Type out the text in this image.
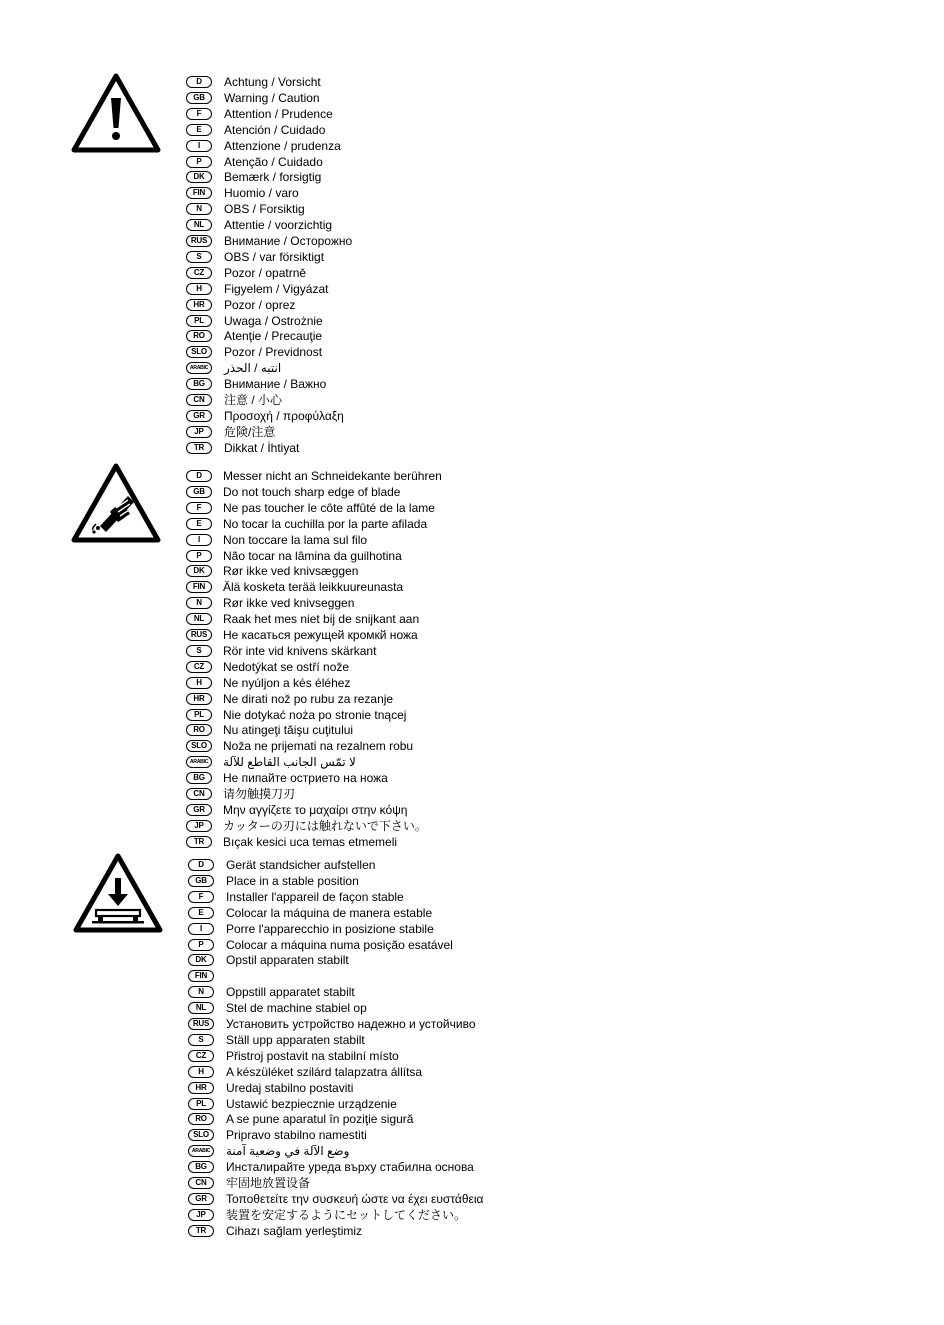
D	Achtung / Vorsicht
GB	Warning / Caution
F	Attention / Prudence
E	Atención / Cuidado
I	Attenzione / prudenza
P	Atenção / Cuidado
DK	Bemærk / forsigtig
FIN	Huomio / varo
N	OBS / Forsiktig
NL	Attentie / voorzichtig
RUS	Внимание / Осторожно
S	OBS / var försiktigt
CZ	Pozor / opatrně
H	Figyelem / Vigyázat
HR	Pozor / oprez
PL	Uwaga / Ostrożnie
RO	Atenţie / Precauţie
SLO	Pozor / Previdnost
ARABIC	انتبه / الحذر
BG	Внимание / Важно
CN	注意 / 小心
GR	Προσοχή / προφύλαξη
JP	危険/注意
TR	Dikkat / İhtiyat
D	Messer nicht an Schneidekante berühren
GB	Do not touch sharp edge of blade
F	Ne pas toucher le côte affûté de la lame
E	No tocar la cuchilla por la parte afilada
I	Non toccare la lama sul filo
P	Não tocar na lâmina da guilhotina
DK	Rør ikke ved knivsæggen
FIN	Älä kosketa terää leikkuureunasta
N	Rør ikke ved knivseggen
NL	Raak het mes niet bij de snijkant aan
RUS	Не касаться режущей кромкй ножа
S	Rör inte vid knivens skärkant
CZ	Nedotýkat se ostří nože
H	Ne nyúljon a kés éléhez
HR	Ne dirati nož po rubu za rezanje
PL	Nie dotykać noża po stronie tnącej
RO	Nu atingeţi tăişu cuţitului
SLO	Noža ne prijemati na rezalnem robu
ARABIC	لا تمّس الجانب القاطع للآلة
BG	Не пипайте острието на ножа
CN	请勿触摸刀刃
GR	Μην αγγίζετε το μαχαίρι στην κόψη
JP	カッターの刃には触れないで下さい。
TR	Bıçak kesici uca temas etmemeli
D	Gerät standsicher aufstellen
GB	Place in a stable position
F	Installer l'appareil de façon stable
E	Colocar la máquina de manera estable
I	Porre l'apparecchio in posizione stabile
P	Colocar a máquina numa posição esatável
DK	Opstil apparaten stabilt
FIN
N	Oppstill apparatet stabilt
NL	Stel de machine stabiel op
RUS	Установить устройство надежно и устойчиво
S	Ställ upp apparaten stabilt
CZ	Přistroj postavit na stabilní místo
H	A készüléket szilárd talapzatra állítsa
HR	Uredaj stabilno postaviti
PL	Ustawić bezpiecznie urządzenie
RO	A se pune aparatul în poziţie sigură
SLO	Pripravo stabilno namestiti
ARABIC	وضع الآلة في وضعية آمنة
BG	Инсталирайте уреда върху стабилна основа
CN	牢固地放置设备
GR	Τοποθετείτε την συσκευή ώστε να έχει ευστάθεια
JP	装置を安定するようにセットしてください。
TR	Cihazı sağlam yerleştimiz
